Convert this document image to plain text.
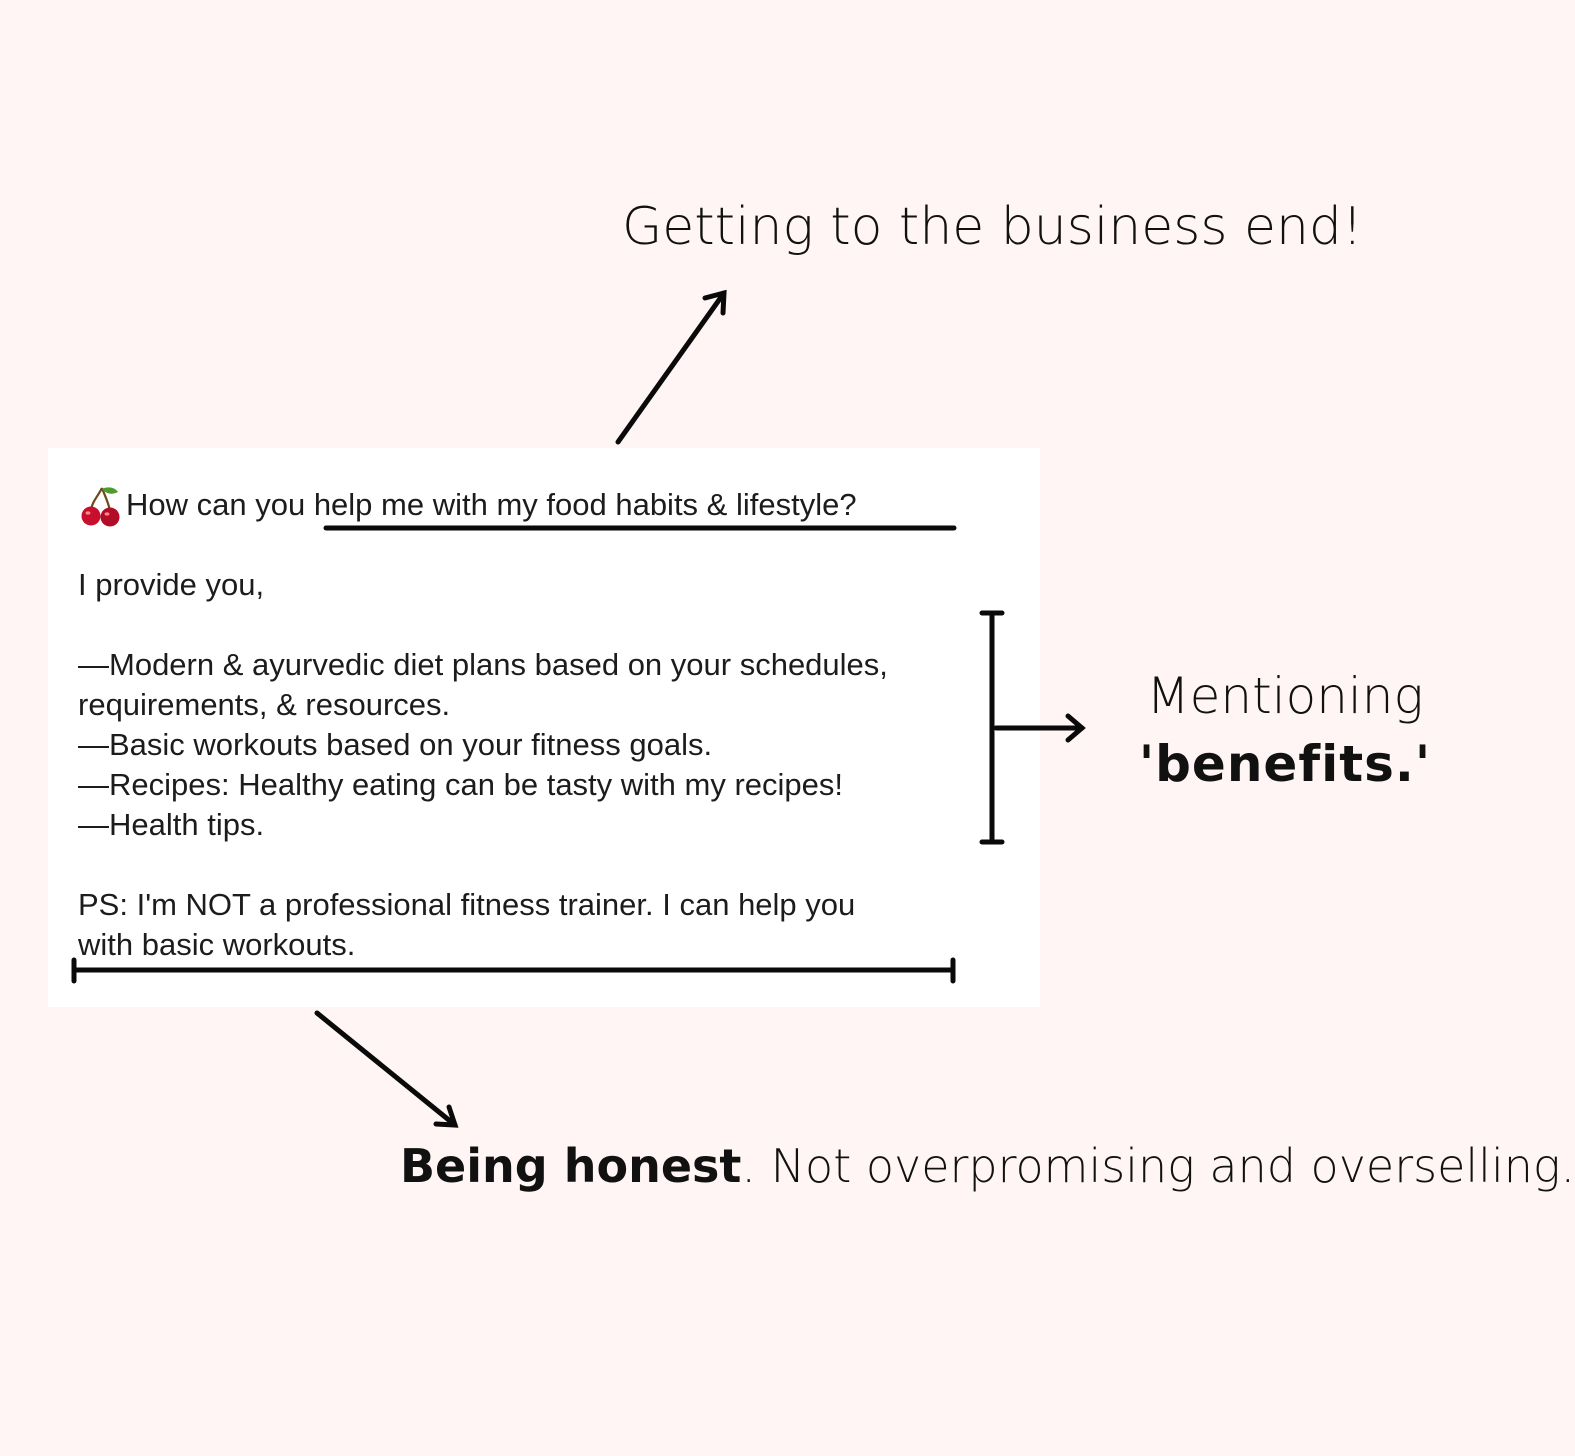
Getting to the business end!
Mentioning
'benefits.'
Being honest. Not overpromising and overselling.
How can you help me with my food habits & lifestyle?
I provide you,
—Modern & ayurvedic diet plans based on your schedules,
requirements, & resources.
—Basic workouts based on your fitness goals.
—Recipes: Healthy eating can be tasty with my recipes!
—Health tips.
PS: I'm NOT a professional fitness trainer. I can help you
with basic workouts.
